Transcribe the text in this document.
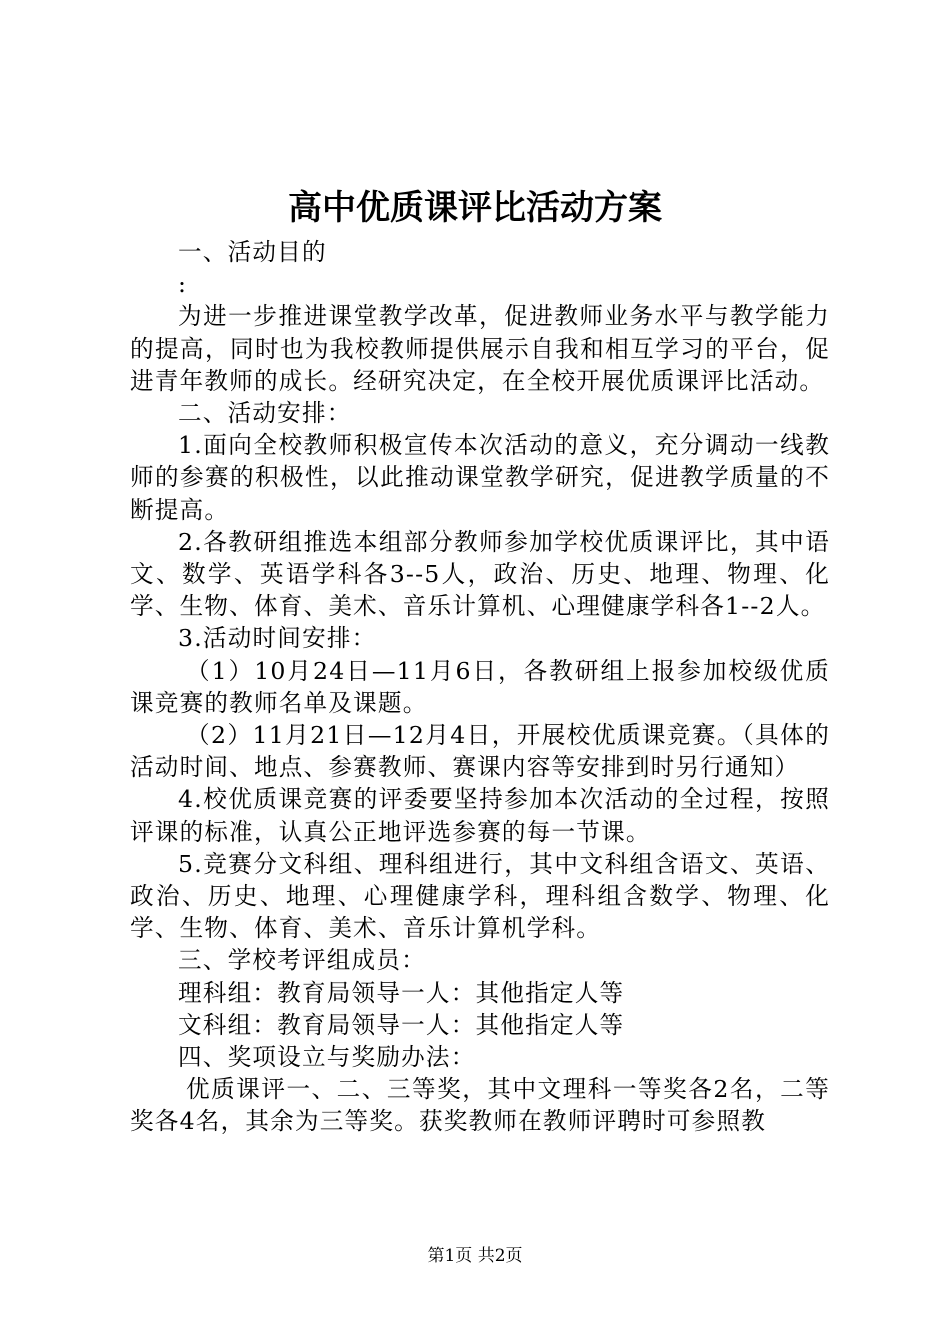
高中优质课评比活动方案

一、活动目的

:

为进一步推进课堂教学改革，促进教师业务水平与教学能力的提高，同时也为我校教师提供展示自我和相互学习的平台，促进青年教师的成长。经研究决定，在全校开展优质课评比活动。

二、活动安排：

1.面向全校教师积极宣传本次活动的意义，充分调动一线教师的参赛的积极性，以此推动课堂教学研究，促进教学质量的不断提高。

2.各教研组推选本组部分教师参加学校优质课评比，其中语文、数学、英语学科各3--5人，政治、历史、地理、物理、化学、生物、体育、美术、音乐计算机、心理健康学科各1--2人。

3.活动时间安排：

（1）10月24日—11月6日，各教研组上报参加校级优质课竞赛的教师名单及课题。

（2）11月21日—12月4日，开展校优质课竞赛。（具体的活动时间、地点、参赛教师、赛课内容等安排到时另行通知）

4.校优质课竞赛的评委要坚持参加本次活动的全过程，按照评课的标准，认真公正地评选参赛的每一节课。

5.竞赛分文科组、理科组进行，其中文科组含语文、英语、政治、历史、地理、心理健康学科，理科组含数学、物理、化学、生物、体育、美术、音乐计算机学科。

三、学校考评组成员：

理科组：教育局领导一人：其他指定人等

文科组：教育局领导一人：其他指定人等

四、奖项设立与奖励办法：

优质课评一、二、三等奖，其中文理科一等奖各2名，二等奖各4名，其余为三等奖。获奖教师在教师评聘时可参照教

第1页 共2页
